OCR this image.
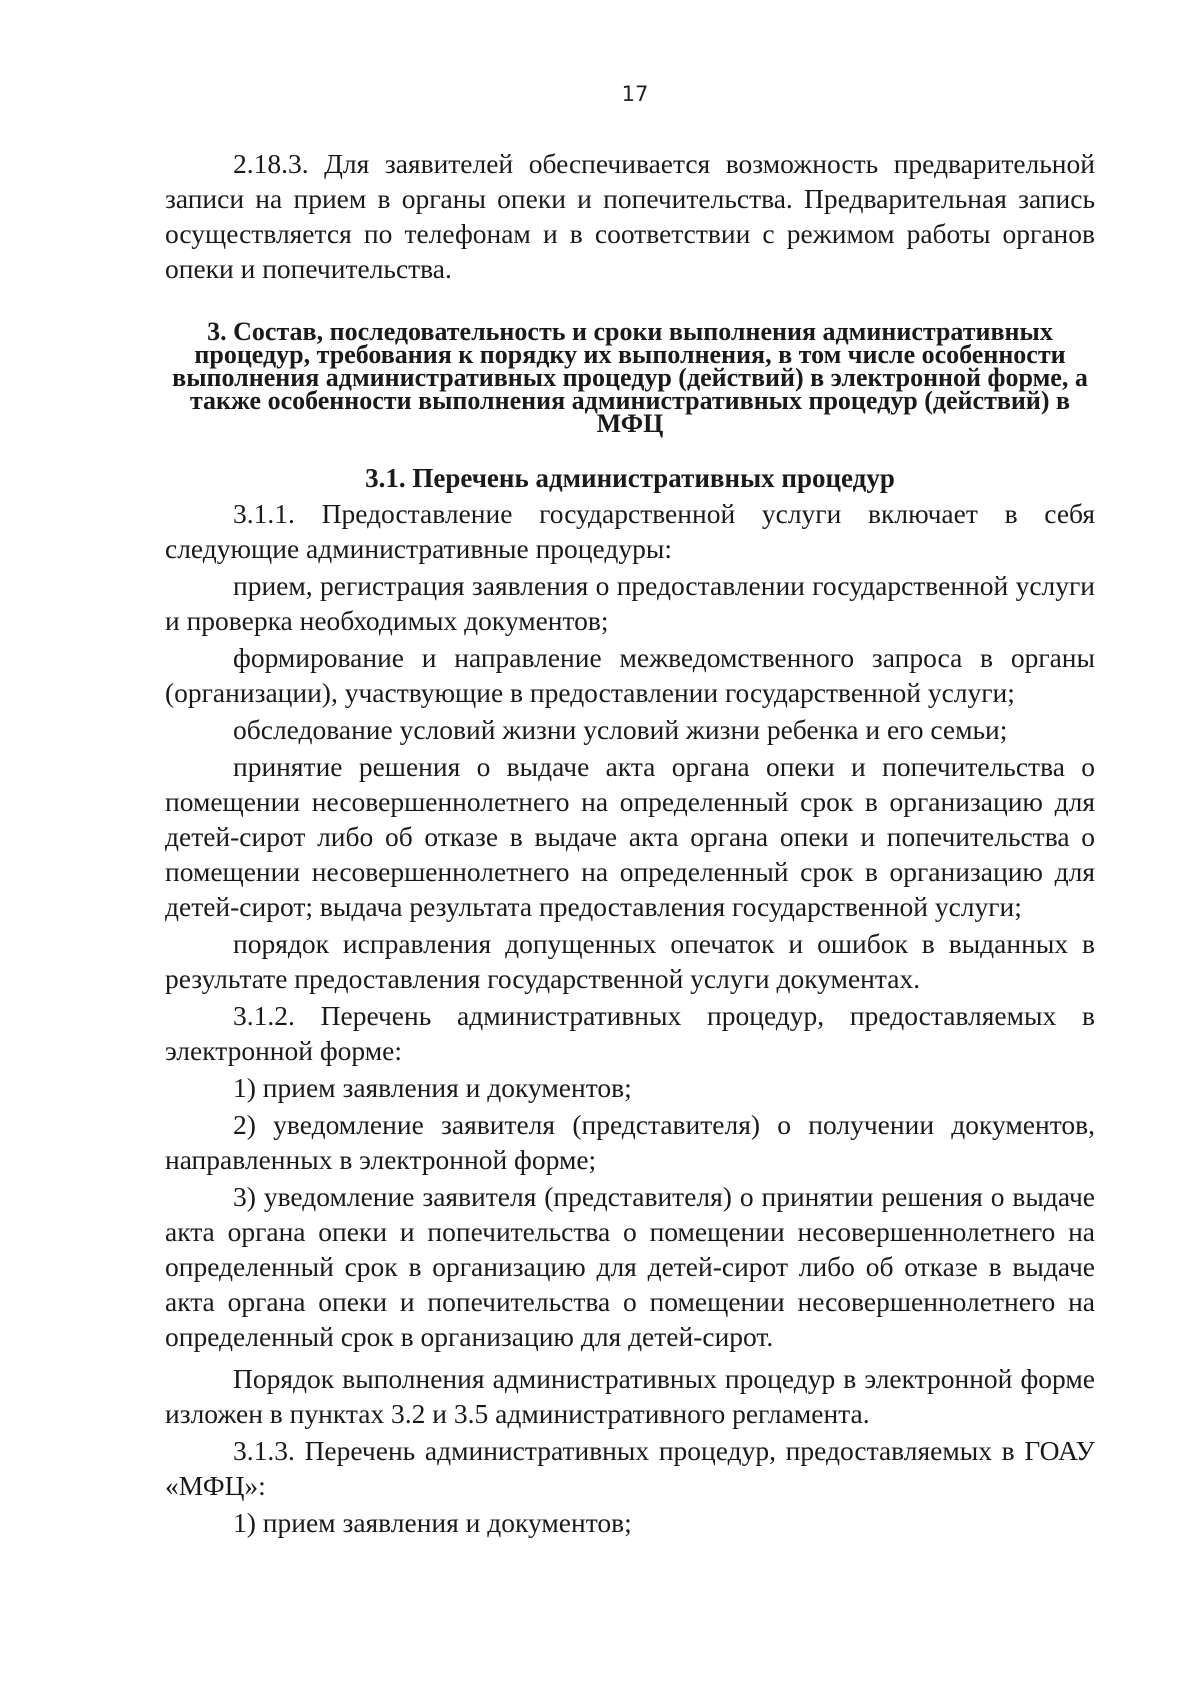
17

2.18.3. Для заявителей обеспечивается возможность предварительной записи на прием в органы опеки и попечительства. Предварительная запись осуществляется по телефонам и в соответствии с режимом работы органов опеки и попечительства.

3. Состав, последовательность и сроки выполнения административных процедур, требования к порядку их выполнения, в том числе особенности выполнения административных процедур (действий) в электронной форме, а также особенности выполнения административных процедур (действий) в МФЦ

3.1. Перечень административных процедур

3.1.1. Предоставление государственной услуги включает в себя следующие административные процедуры:

прием, регистрация заявления о предоставлении государственной услуги и проверка необходимых документов;

формирование и направление межведомственного запроса в органы (организации), участвующие в предоставлении государственной услуги;

обследование условий жизни условий жизни ребенка и его семьи;

принятие решения о выдаче акта органа опеки и попечительства о помещении несовершеннолетнего на определенный срок в организацию для детей-сирот либо об отказе в выдаче акта органа опеки и попечительства о помещении несовершеннолетнего на определенный срок в организацию для детей-сирот; выдача результата предоставления государственной услуги;

порядок исправления допущенных опечаток и ошибок в выданных в результате предоставления государственной услуги документах.

3.1.2. Перечень административных процедур, предоставляемых в электронной форме:

1) прием заявления и документов;

2) уведомление заявителя (представителя) о получении документов, направленных в электронной форме;

3) уведомление заявителя (представителя) о принятии решения о выдаче акта органа опеки и попечительства о помещении несовершеннолетнего на определенный срок в организацию для детей-сирот либо об отказе в выдаче акта органа опеки и попечительства о помещении несовершеннолетнего на определенный срок в организацию для детей-сирот.

Порядок выполнения административных процедур в электронной форме изложен в пунктах 3.2 и 3.5 административного регламента.

3.1.3. Перечень административных процедур, предоставляемых в ГОАУ «МФЦ»:

1) прием заявления и документов;
